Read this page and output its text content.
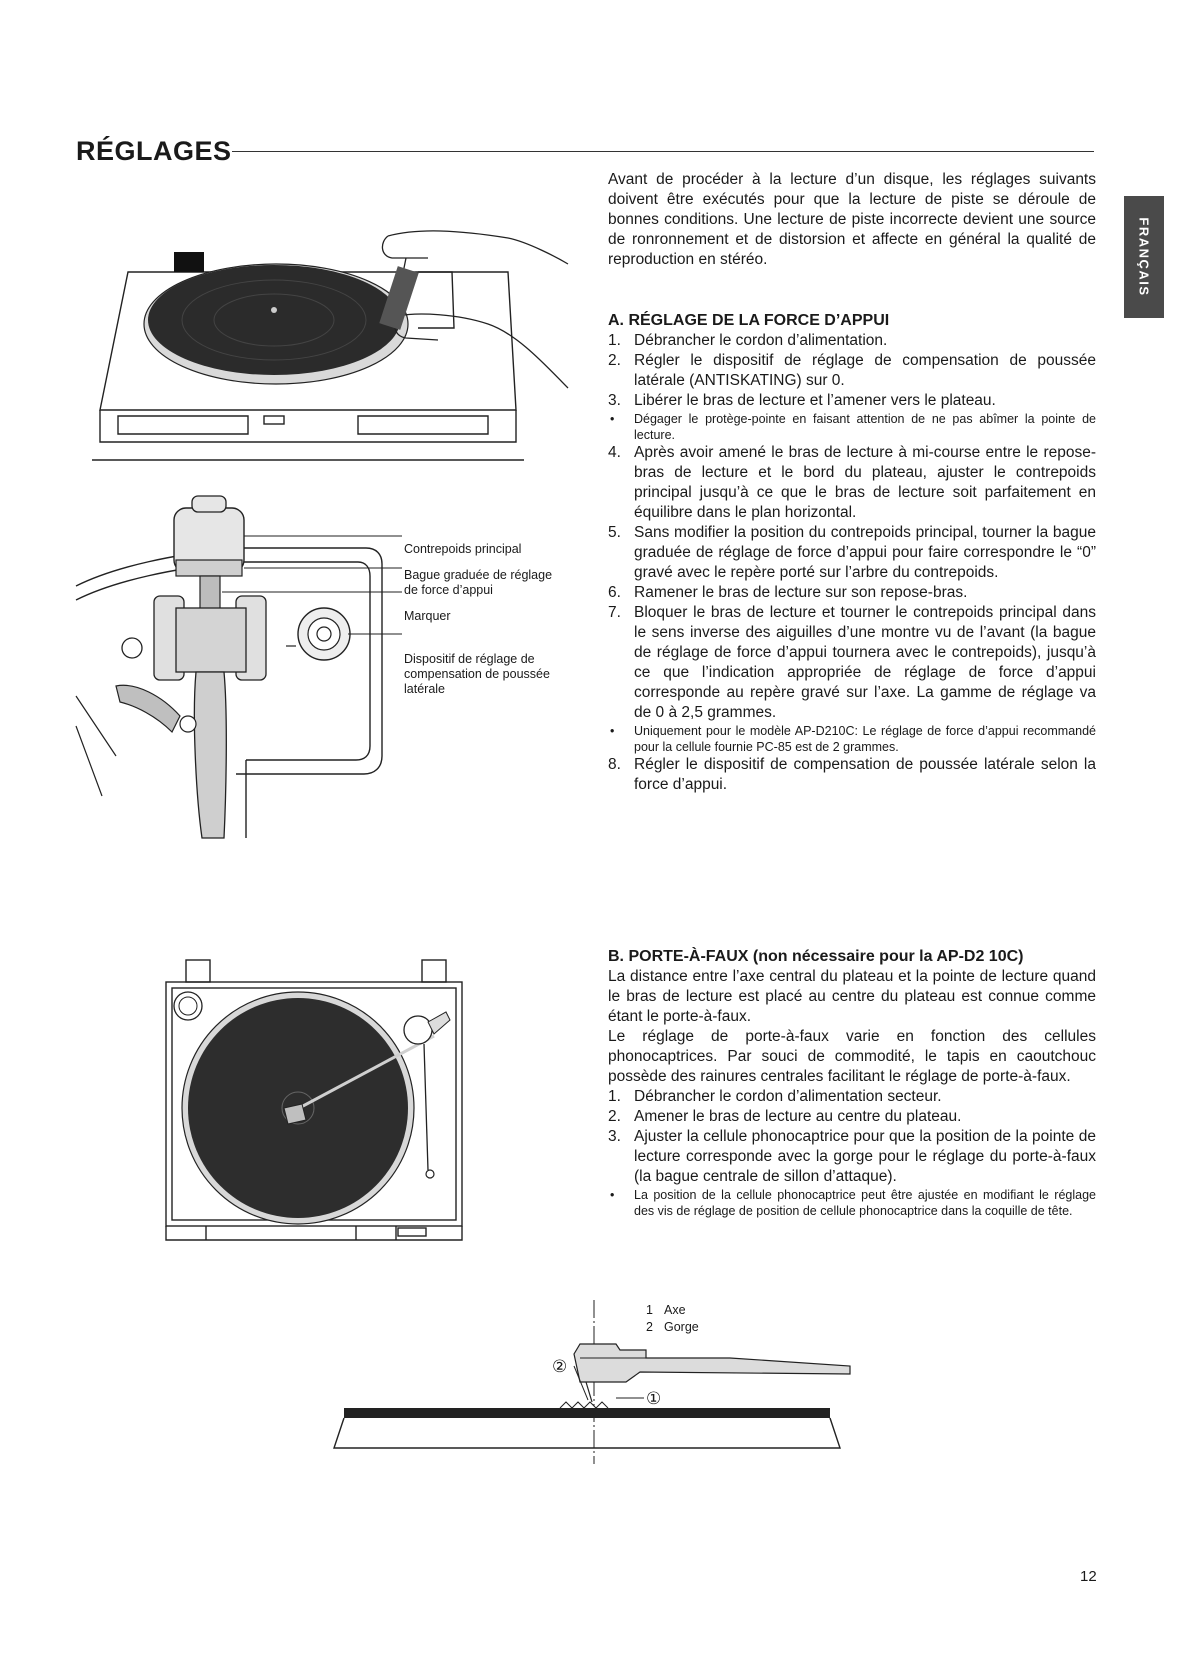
RÉGLAGES
FRANÇAIS
Contrepoids principal
Bague graduée de réglage
de force d’appui
Marquer
Dispositif de réglage de
compensation de poussée
latérale
②
①
1 Axe
2 Gorge

Avant de procéder à la lecture d’un disque, les réglages suivants doivent être exécutés pour que la lecture de piste se déroule de bonnes conditions. Une lecture de piste incorrecte devient une source de ronronnement et de distorsion et affecte en général la qualité de reproduction en stéréo.

A. RÉGLAGE DE LA FORCE D’APPUI
1. Débrancher le cordon d’alimentation.
2. Régler le dispositif de réglage de compensation de poussée latérale (ANTISKATING) sur 0.
3. Libérer le bras de lecture et l’amener vers le plateau.
• Dégager le protège-pointe en faisant attention de ne pas abîmer la pointe de lecture.
4. Après avoir amené le bras de lecture à mi-course entre le repose-bras de lecture et le bord du plateau, ajuster le contrepoids principal jusqu’à ce que le bras de lecture soit parfaitement en équilibre dans le plan horizontal.
5. Sans modifier la position du contrepoids principal, tourner la bague graduée de réglage de force d’appui pour faire correspondre le “0” gravé avec le repère porté sur l’arbre du contrepoids.
6. Ramener le bras de lecture sur son repose-bras.
7. Bloquer le bras de lecture et tourner le contrepoids principal dans le sens inverse des aiguilles d’une montre vu de l’avant (la bague de réglage de force d’appui tournera avec le contrepoids), jusqu’à ce que l’indication appropriée de réglage de force d’appui corresponde au repère gravé sur l’axe. La gamme de réglage va de 0 à 2,5 grammes.
• Uniquement pour le modèle AP-D210C: Le réglage de force d’appui recommandé pour la cellule fournie PC-85 est de 2 grammes.
8. Régler le dispositif de compensation de poussée latérale selon la force d’appui.
B. PORTE-À-FAUX (non nécessaire pour la AP-D2 10C)

La distance entre l’axe central du plateau et la pointe de lecture quand le bras de lecture est placé au centre du plateau est connue comme étant le porte-à-faux.

Le réglage de porte-à-faux varie en fonction des cellules phonocaptrices. Par souci de commodité, le tapis en caoutchouc possède des rainures centrales facilitant le réglage de porte-à-faux.

1. Débrancher le cordon d’alimentation secteur.
2. Amener le bras de lecture au centre du plateau.
3. Ajuster la cellule phonocaptrice pour que la position de la pointe de lecture corresponde avec la gorge pour le réglage du porte-à-faux (la bague centrale de sillon d’attaque).
• La position de la cellule phonocaptrice peut être ajustée en modifiant le réglage des vis de réglage de position de cellule phonocaptrice dans la coquille de tête.
12
